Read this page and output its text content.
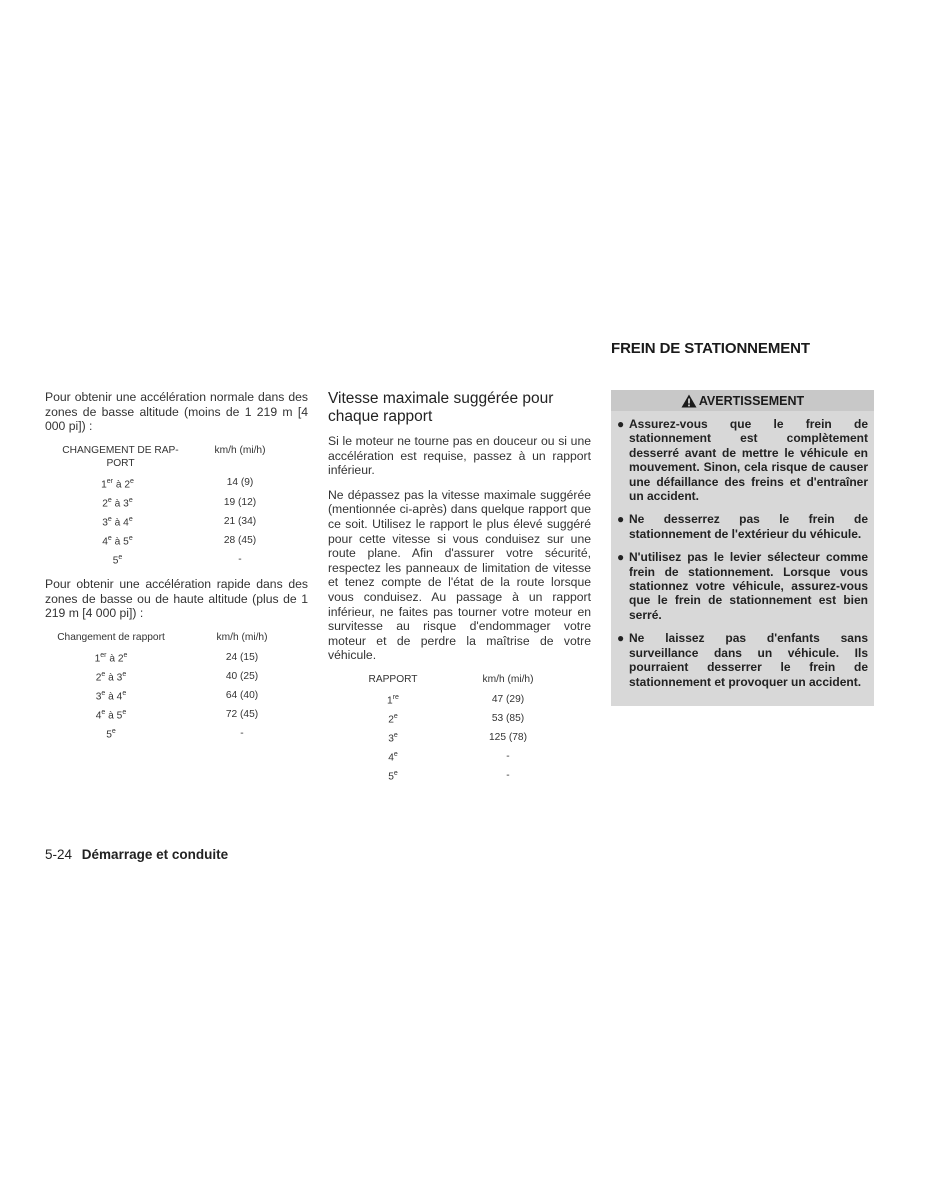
Pour obtenir une accélération normale dans des zones de basse altitude (moins de 1 219 m [4 000 pi]) :

CHANGEMENT DE RAP-PORT	km/h (mi/h)
1er à 2e	14 (9)
2e à 3e	19 (12)
3e à 4e	21 (34)
4e à 5e	28 (45)
5e	-

Pour obtenir une accélération rapide dans des zones de basse ou de haute altitude (plus de 1 219 m [4 000 pi]) :

Changement de rapport	km/h (mi/h)
1er à 2e	24 (15)
2e à 3e	40 (25)
3e à 4e	64 (40)
4e à 5e	72 (45)
5e	-
Vitesse maximale suggérée pour chaque rapport

Si le moteur ne tourne pas en douceur ou si une accélération est requise, passez à un rapport inférieur.

Ne dépassez pas la vitesse maximale suggérée (mentionnée ci-après) dans quelque rapport que ce soit. Utilisez le rapport le plus élevé suggéré pour cette vitesse si vous conduisez sur une route plane. Afin d'assurer votre sécurité, respectez les panneaux de limitation de vitesse et tenez compte de l'état de la route lorsque vous conduisez. Au passage à un rapport inférieur, ne faites pas tourner votre moteur en survitesse au risque d'endommager votre moteur et de perdre la maîtrise de votre véhicule.

RAPPORT	km/h (mi/h)
1re	47 (29)
2e	53 (85)
3e	125 (78)
4e	-
5e	-
FREIN DE STATIONNEMENT
AVERTISSEMENT
● Assurez-vous que le frein de stationnement est complètement desserré avant de mettre le véhicule en mouvement. Sinon, cela risque de causer une défaillance des freins et d'entraîner un accident.
● Ne desserrez pas le frein de stationnement de l'extérieur du véhicule.
● N'utilisez pas le levier sélecteur comme frein de stationnement. Lorsque vous stationnez votre véhicule, assurez-vous que le frein de stationnement est bien serré.
● Ne laissez pas d'enfants sans surveillance dans un véhicule. Ils pourraient desserrer le frein de stationnement et provoquer un accident.
5-24 Démarrage et conduite
